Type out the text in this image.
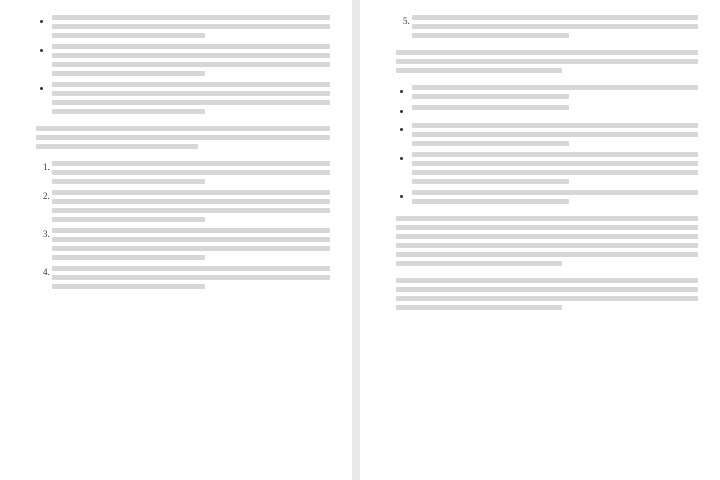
•
•
•

1.
2.
3.
4.
5.

•
•
•
•
•
